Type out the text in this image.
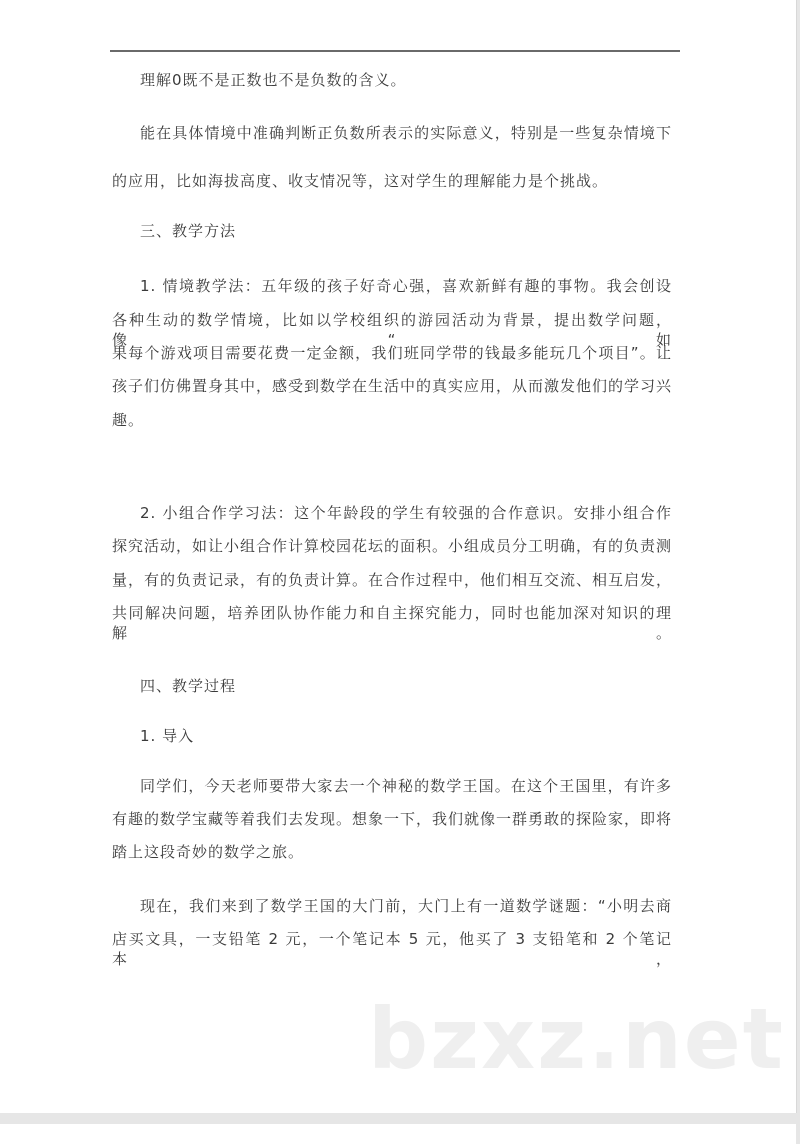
理解0既不是正数也不是负数的含义。
能在具体情境中准确判断正负数所表示的实际意义，特别是一些复杂情境下
的应用，比如海拔高度、收支情况等，这对学生的理解能力是个挑战。
三、教学方法
1. 情境教学法：五年级的孩子好奇心强，喜欢新鲜有趣的事物。我会创设
各种生动的数学情境，比如以学校组织的游园活动为背景，提出数学问题，像“如
果每个游戏项目需要花费一定金额，我们班同学带的钱最多能玩几个项目”。让
孩子们仿佛置身其中，感受到数学在生活中的真实应用，从而激发他们的学习兴
趣。
2. 小组合作学习法：这个年龄段的学生有较强的合作意识。安排小组合作
探究活动，如让小组合作计算校园花坛的面积。小组成员分工明确，有的负责测
量，有的负责记录，有的负责计算。在合作过程中，他们相互交流、相互启发，
共同解决问题，培养团队协作能力和自主探究能力，同时也能加深对知识的理解。
四、教学过程
1. 导入
同学们，今天老师要带大家去一个神秘的数学王国。在这个王国里，有许多
有趣的数学宝藏等着我们去发现。想象一下，我们就像一群勇敢的探险家，即将
踏上这段奇妙的数学之旅。
现在，我们来到了数学王国的大门前，大门上有一道数学谜题：“小明去商
店买文具，一支铅笔 2 元，一个笔记本 5 元，他买了 3 支铅笔和 2 个笔记本，
bzxz.net
